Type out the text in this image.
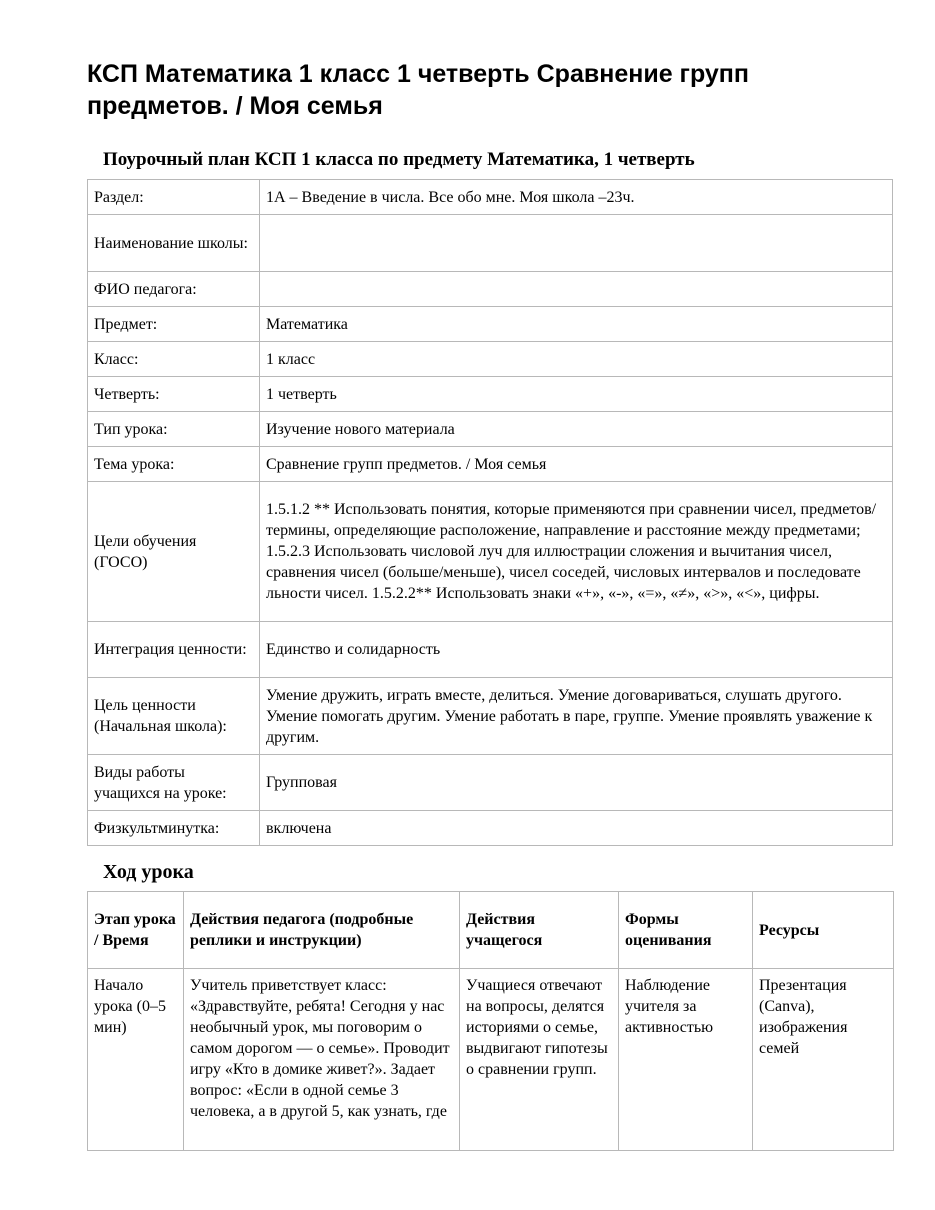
КСП Математика 1 класс 1 четверть Сравнение групп предметов. / Моя семья
Поурочный план КСП 1 класса по предмету Математика, 1 четверть
Раздел:	1А – Введение в числа. Все обо мне. Моя школа –23ч.
Наименование школы:	
ФИО педагога:	
Предмет:	Математика
Класс:	1 класс
Четверть:	1 четверть
Тип урока:	Изучение нового материала
Тема урока:	Сравнение групп предметов. / Моя семья
Цели обучения (ГОСО)	1.5.1.2 ** Использовать понятия, которые применяются при сравнении чисел, предметов/термины, определяющие расположение, направление и расстояние между предметами; 1.5.2.3 Использовать числовой луч для иллюстрации сложения и вычитания чисел, сравнения чисел (больше/меньше), чисел соседей, числовых интервалов и последовате льности чисел. 1.5.2.2** Использовать знаки «+», «-», «=», «≠», «>», «<», цифры.
Интеграция ценности:	Единство и солидарность
Цель ценности (Начальная школа):	Умение дружить, играть вместе, делиться. Умение договариваться, слушать другого. Умение помогать другим. Умение работать в паре, группе. Умение проявлять уважение к другим.
Виды работы учащихся на уроке:	Групповая
Физкультминутка:	включена
Ход урока
Этап урока / Время	Действия педагога (подробные реплики и инструкции)	Действия учащегося	Формы оценивания	Ресурсы
Начало урока (0–5 мин)	Учитель приветствует класс: «Здравствуйте, ребята! Сегодня у нас необычный урок, мы поговорим о самом дорогом — о семье». Проводит игру «Кто в домике живет?». Задает вопрос: «Если в одной семье 3 человека, а в другой 5, как узнать, где	Учащиеся отвечают на вопросы, делятся историями о семье, выдвигают гипотезы о сравнении групп.	Наблюдение учителя за активностью	Презентация (Canva), изображения семей
